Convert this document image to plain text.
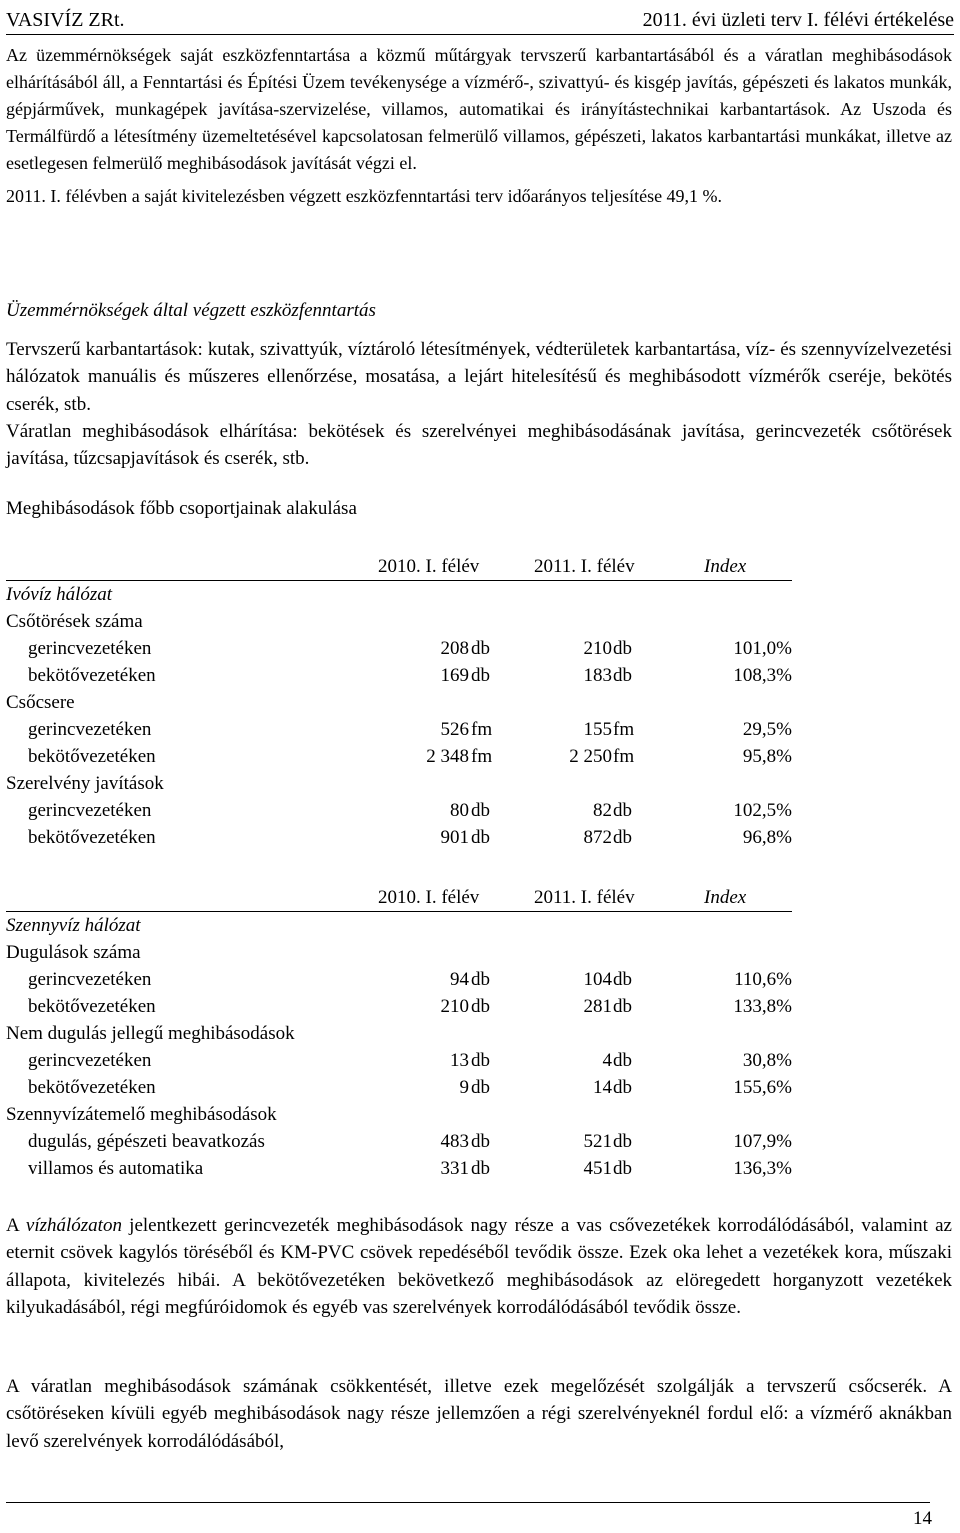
VASIVÍZ ZRt.	2011. évi üzleti terv I. félévi értékelése

Az üzemmérnökségek saját eszközfenntartása a közmű műtárgyak tervszerű karbantartásából és a váratlan meghibásodások elhárításából áll, a Fenntartási és Építési Üzem tevékenysége a vízmérő-, szivattyú- és kisgép javítás, gépészeti és lakatos munkák, gépjárművek, munkagépek javítása-szervizelése, villamos, automatikai és irányítástechnikai karbantartások. Az Uszoda és Termálfürdő a létesítmény üzemeltetésével kapcsolatosan felmerülő villamos, gépészeti, lakatos karbantartási munkákat, illetve az esetlegesen felmerülő meghibásodások javítását végzi el.

2011. I. félévben a saját kivitelezésben végzett eszközfenntartási terv időarányos teljesítése 49,1 %.

Üzemmérnökségek által végzett eszközfenntartás

Tervszerű karbantartások: kutak, szivattyúk, víztároló létesítmények, védterületek karbantartása, víz- és szennyvízelvezetési hálózatok manuális és műszeres ellenőrzése, mosatása, a lejárt hitelesítésű és meghibásodott vízmérők cseréje, bekötés cserék, stb.

Váratlan meghibásodások elhárítása: bekötések és szerelvényei meghibásodásának javítása, gerincvezeték csőtörések javítása, tűzcsapjavítások és cserék, stb.

Meghibásodások főbb csoportjainak alakulása
2010. I. félév	2011. I. félév	Index
Ivóvíz hálózat
Csőtörések száma
gerincvezetéken	208 db	210 db	101,0%
bekötővezetéken	169 db	183 db	108,3%
Csőcsere
gerincvezetéken	526 fm	155 fm	29,5%
bekötővezetéken	2 348 fm	2 250 fm	95,8%
Szerelvény javítások
gerincvezetéken	80 db	82 db	102,5%
bekötővezetéken	901 db	872 db	96,8%
2010. I. félév	2011. I. félév	Index
Szennyvíz hálózat
Dugulások száma
gerincvezetéken	94 db	104 db	110,6%
bekötővezetéken	210 db	281 db	133,8%
Nem dugulás jellegű meghibásodások
gerincvezetéken	13 db	4 db	30,8%
bekötővezetéken	9 db	14 db	155,6%
Szennyvízátemelő meghibásodások
dugulás, gépészeti beavatkozás	483 db	521 db	107,9%
villamos és automatika	331 db	451 db	136,3%

A vízhálózaton jelentkezett gerincvezeték meghibásodások nagy része a vas csővezetékek korrodálódásából, valamint az eternit csövek kagylós töréséből és KM-PVC csövek repedéséből tevődik össze. Ezek oka lehet a vezetékek kora, műszaki állapota, kivitelezés hibái. A bekötővezetéken bekövetkező meghibásodások az elöregedett horganyzott vezetékek kilyukadásából, régi megfúróidomok és egyéb vas szerelvények korrodálódásából tevődik össze.

A váratlan meghibásodások számának csökkentését, illetve ezek megelőzését szolgálják a tervszerű csőcserék. A csőtöréseken kívüli egyéb meghibásodások nagy része jellemzően a régi szerelvényeknél fordul elő: a vízmérő aknákban levő szerelvények korrodálódásából,

14
